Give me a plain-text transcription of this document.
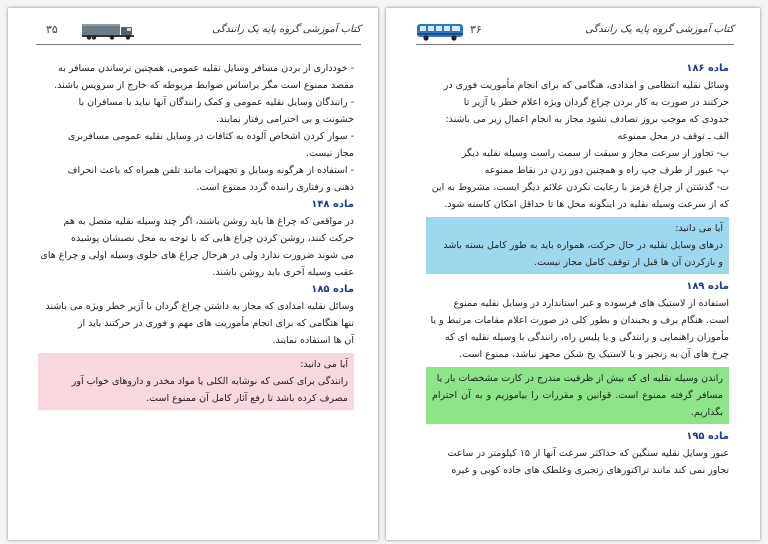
کتاب آموزشی گروه پایه یک رانندگی
۳۵

- خودداری از بردن مسافر وسایل نقلیه عمومی، همچنین نرساندن مسافر به

مقصد ممنوع است مگر براساس ضوابط مربوطه که خارج از سرویس باشند.

- رانندگان وسایل نقلیه عمومی و کمک رانندگان آنها نباید با مسافران با

خشونت و بی احترامی رفتار نمایند.

- سوار کردن اشخاص آلوده به کثافات در وسایل نقلیه عمومی مسافربری

مجاز نیست.

- استفاده از هرگونه وسایل و تجهیزات مانند تلفن همراه که باعث انحراف

ذهنی و رفتاری راننده گردد ممنوع است.

ماده ۱۴۸

در مواقعی که چراغ ها باید روشن باشند، اگر چند وسیله نقلیه متصل به هم

حرکت کنند، روشن کردن چراغ هایی که با توجه به محل نصبشان پوشیده

می شوند ضرورت ندارد ولی در هرحال چراغ های جلوی وسیله اولی و چراغ های

عقب وسیله آخری باید روشن باشند.

ماده ۱۸۵

وسائل نقلیه امدادی که مجاز به داشتن چراغ گردان با آژیر خطر ویژه می باشند

تنها هنگامی که برای انجام مأموریت های مهم و فوری در حرکتند باید از

آن ها استفاده نمایند.

آیا می دانید:

رانندگی برای کسی که نوشابه الکلی یا مواد مخدر و داروهای خواب آور

مصرف کرده باشد تا رفع آثار کامل آن ممنوع است.

کتاب آموزشی گروه پایه یک رانندگی
۳۶

ماده ۱۸۶

وسائل نقلیه انتظامی و امدادی، هنگامی که برای انجام مأموریت فوری در

حرکتند در صورت به کار بردن چراغ گردان ویژه اعلام خطر یا آژیر تا

حدودی که موجب بروز تصادف نشود مجاز به انجام اعمال زیر می باشند:

الف ـ توقف در محل ممنوعه

ب- تجاوز از سرعت مجاز و سبقت از سمت راست وسیله نقلیه دیگر

پ- عبور از طرف چپ راه و همچنین دور زدن در نقاط ممنوعه

ت- گذشتن از چراغ قرمز با رعایت نکردن علائم دیگر ایست، مشروط به این

که از سرعت وسیله نقلیه در اینگونه محل ها تا حداقل امکان کاسته شود.

آیا می دانید:

درهای وسایل نقلیه در حال حرکت، همواره باید به طور کامل بسته باشد

و بازکردن آن ها قبل از توقف کامل مجاز نیست.

ماده ۱۸۹

استفاده از لاستیک های فرسوده و غیر استاندارد در وسایل نقلیه ممنوع

است. هنگام برف و یخبندان و بطور کلی در صورت اعلام مقامات مرتبط و یا

مأموران راهنمایی و رانندگی و یا پلیس راه، رانندگی با وسیله نقلیه ای که

چرخ های آن به زنجیر و یا لاستیک یخ شکن مجهز نباشد، ممنوع است.

راندن وسیله نقلیه ای که بیش از ظرفیت مندرج در کارت مشخصات بار یا

مسافر گرفته ممنوع است. قوانین و مقررات را بیاموزیم و به آن احترام بگذاریم.

ماده ۱۹۵

عبور وسایل نقلیه سنگین که حداکثر سرعت آنها از ۱۵ کیلومتر در ساعت

تجاوز نمی کند مانند تراکتورهای زنجیری وغلطک های جاده کوبی و غیره
